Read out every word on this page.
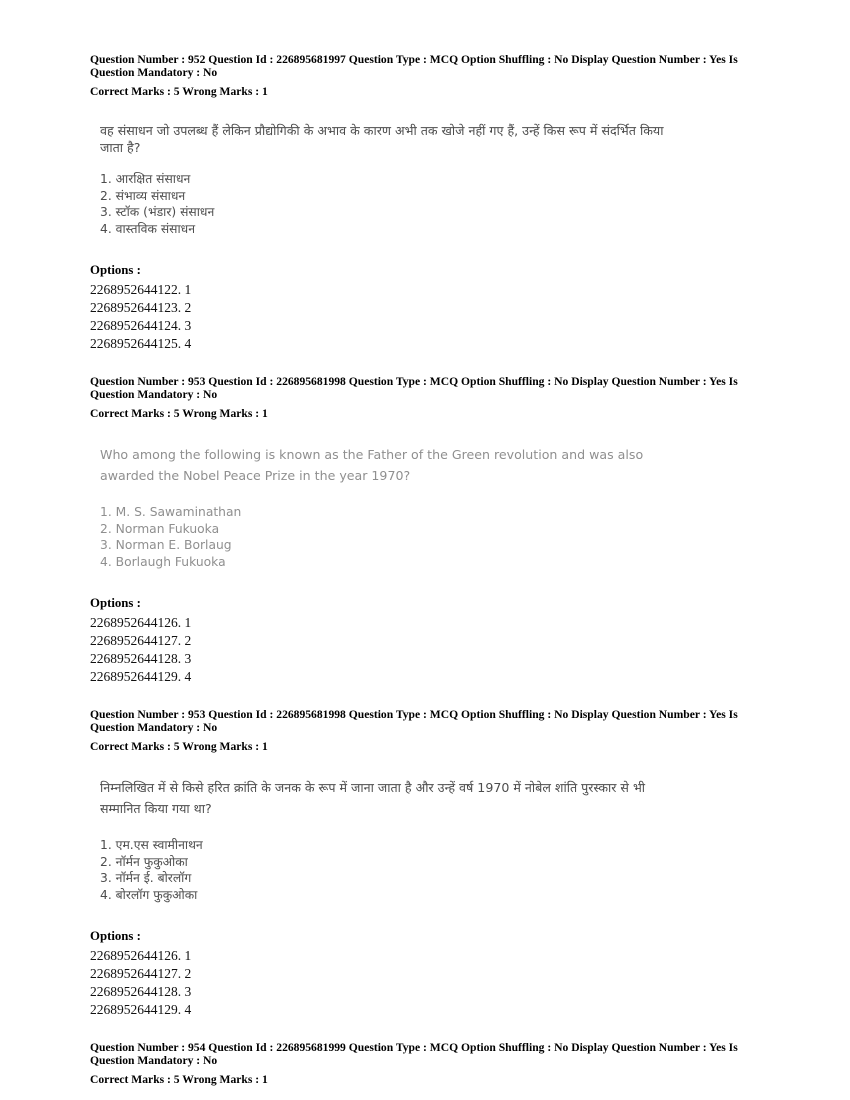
Question Number : 952 Question Id : 226895681997 Question Type : MCQ Option Shuffling : No Display Question Number : Yes Is Question Mandatory : No

Correct Marks : 5 Wrong Marks : 1

वह संसाधन जो उपलब्ध हैं लेकिन प्रौद्योगिकी के अभाव के कारण अभी तक खोजे नहीं गए हैं, उन्हें किस रूप में संदर्भित किया जाता है?

1. आरक्षित संसाधन
2. संभाव्य संसाधन
3. स्टॉक (भंडार) संसाधन
4. वास्तविक संसाधन

Options :

2268952644122. 1
2268952644123. 2
2268952644124. 3
2268952644125. 4

Question Number : 953 Question Id : 226895681998 Question Type : MCQ Option Shuffling : No Display Question Number : Yes Is Question Mandatory : No

Correct Marks : 5 Wrong Marks : 1

Who among the following is known as the Father of the Green revolution and was also awarded the Nobel Peace Prize in the year 1970?

1. M. S. Sawaminathan
2. Norman Fukuoka
3. Norman E. Borlaug
4. Borlaugh Fukuoka

Options :

2268952644126. 1
2268952644127. 2
2268952644128. 3
2268952644129. 4

Question Number : 953 Question Id : 226895681998 Question Type : MCQ Option Shuffling : No Display Question Number : Yes Is Question Mandatory : No

Correct Marks : 5 Wrong Marks : 1

निम्नलिखित में से किसे हरित क्रांति के जनक के रूप में जाना जाता है और उन्हें वर्ष 1970 में नोबेल शांति पुरस्कार से भी सम्मानित किया गया था?

1. एम.एस स्वामीनाथन
2. नॉर्मन फुकुओका
3. नॉर्मन ई. बोरलॉग
4. बोरलॉग फुकुओका

Options :

2268952644126. 1
2268952644127. 2
2268952644128. 3
2268952644129. 4

Question Number : 954 Question Id : 226895681999 Question Type : MCQ Option Shuffling : No Display Question Number : Yes Is Question Mandatory : No

Correct Marks : 5 Wrong Marks : 1
